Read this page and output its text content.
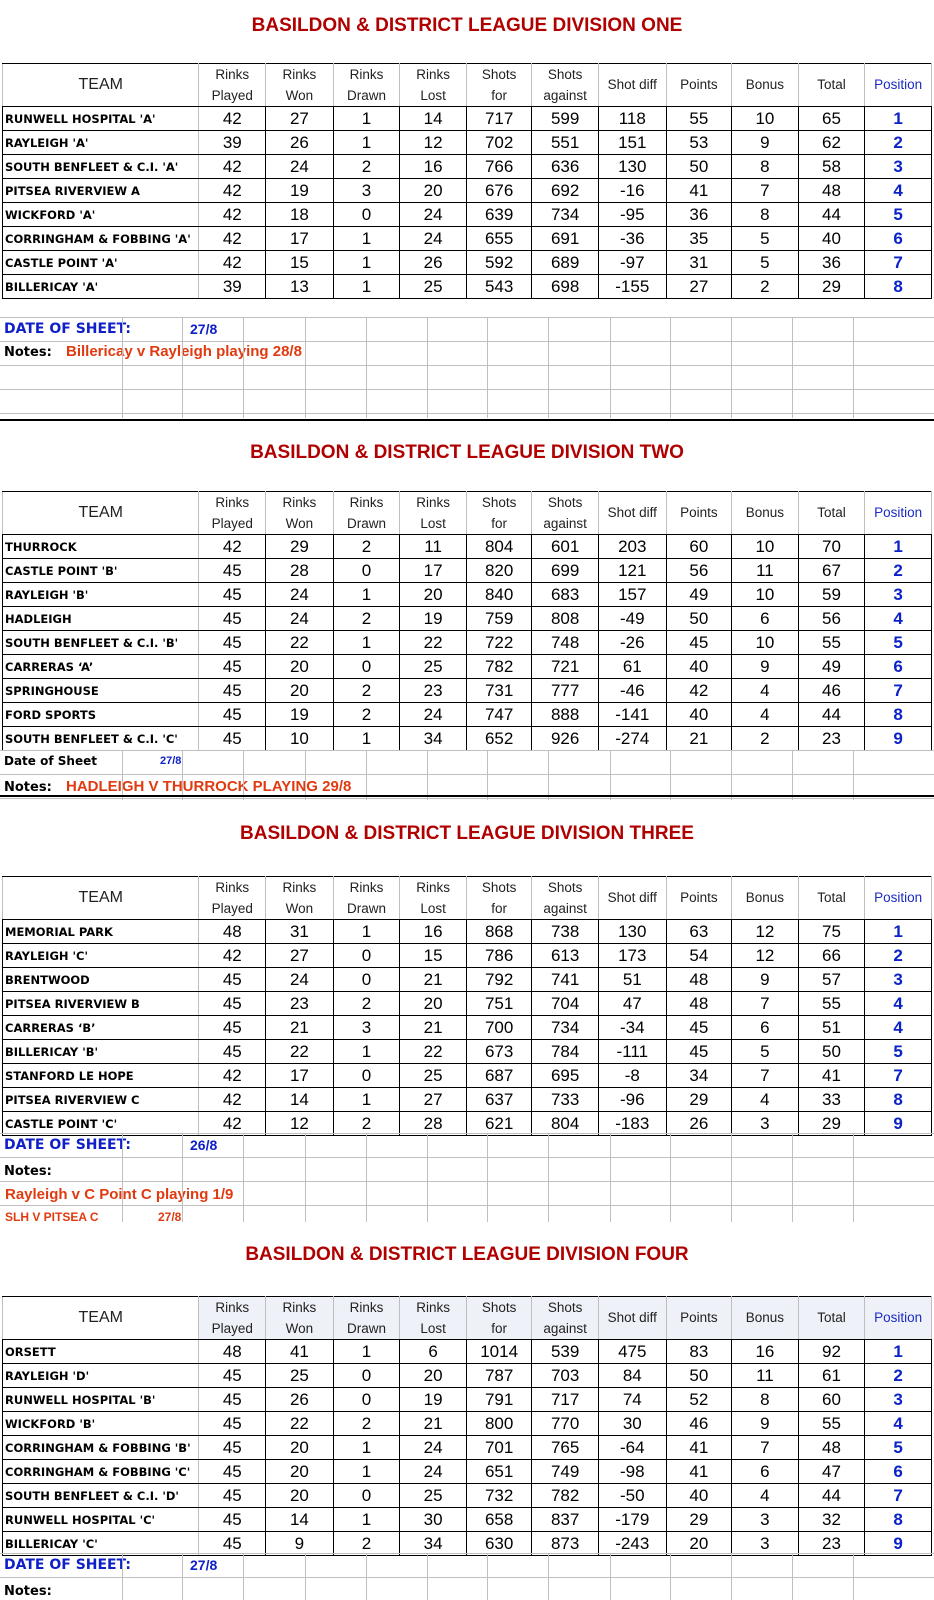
BASILDON & DISTRICT LEAGUE DIVISION ONE
TEAM	Rinks	Rinks	Rinks	Rinks	Shots	Shots	Shot diff	Points	Bonus	Total	Position
	Played	Won	Drawn	Lost	for	against					
RUNWELL HOSPITAL 'A'	42	27	1	14	717	599	118	55	10	65	1
RAYLEIGH 'A'	39	26	1	12	702	551	151	53	9	62	2
SOUTH BENFLEET & C.I. 'A'	42	24	2	16	766	636	130	50	8	58	3
PITSEA RIVERVIEW A	42	19	3	20	676	692	-16	41	7	48	4
WICKFORD 'A'	42	18	0	24	639	734	-95	36	8	44	5
CORRINGHAM & FOBBING 'A'	42	17	1	24	655	691	-36	35	5	40	6
CASTLE POINT 'A'	42	15	1	26	592	689	-97	31	5	36	7
BILLERICAY 'A'	39	13	1	25	543	698	-155	27	2	29	8
DATE OF SHEET:	27/8
Notes: Billericay v Rayleigh playing 28/8
BASILDON & DISTRICT LEAGUE DIVISION TWO
TEAM	Rinks	Rinks	Rinks	Rinks	Shots	Shots	Shot diff	Points	Bonus	Total	Position
	Played	Won	Drawn	Lost	for	against					
THURROCK	42	29	2	11	804	601	203	60	10	70	1
CASTLE POINT 'B'	45	28	0	17	820	699	121	56	11	67	2
RAYLEIGH 'B'	45	24	1	20	840	683	157	49	10	59	3
HADLEIGH	45	24	2	19	759	808	-49	50	6	56	4
SOUTH BENFLEET & C.I. 'B'	45	22	1	22	722	748	-26	45	10	55	5
CARRERAS ‘A’	45	20	0	25	782	721	61	40	9	49	6
SPRINGHOUSE	45	20	2	23	731	777	-46	42	4	46	7
FORD SPORTS	45	19	2	24	747	888	-141	40	4	44	8
SOUTH BENFLEET & C.I. 'C'	45	10	1	34	652	926	-274	21	2	23	9
Date of Sheet	27/8
Notes: HADLEIGH V THURROCK PLAYING 29/8
BASILDON & DISTRICT LEAGUE DIVISION THREE
TEAM	Rinks	Rinks	Rinks	Rinks	Shots	Shots	Shot diff	Points	Bonus	Total	Position
	Played	Won	Drawn	Lost	for	against					
MEMORIAL PARK	48	31	1	16	868	738	130	63	12	75	1
RAYLEIGH 'C'	42	27	0	15	786	613	173	54	12	66	2
BRENTWOOD	45	24	0	21	792	741	51	48	9	57	3
PITSEA RIVERVIEW B	45	23	2	20	751	704	47	48	7	55	4
CARRERAS ‘B’	45	21	3	21	700	734	-34	45	6	51	4
BILLERICAY 'B'	45	22	1	22	673	784	-111	45	5	50	5
STANFORD LE HOPE	42	17	0	25	687	695	-8	34	7	41	7
PITSEA RIVERVIEW C	42	14	1	27	637	733	-96	29	4	33	8
CASTLE POINT 'C'	42	12	2	28	621	804	-183	26	3	29	9
DATE OF SHEET:	26/8
Notes:
Rayleigh v C Point C playing 1/9
SLH V PITSEA C	27/8
BASILDON & DISTRICT LEAGUE DIVISION FOUR
TEAM	Rinks	Rinks	Rinks	Rinks	Shots	Shots	Shot diff	Points	Bonus	Total	Position
	Played	Won	Drawn	Lost	for	against					
ORSETT	48	41	1	6	1014	539	475	83	16	92	1
RAYLEIGH 'D'	45	25	0	20	787	703	84	50	11	61	2
RUNWELL HOSPITAL 'B'	45	26	0	19	791	717	74	52	8	60	3
WICKFORD 'B'	45	22	2	21	800	770	30	46	9	55	4
CORRINGHAM & FOBBING 'B'	45	20	1	24	701	765	-64	41	7	48	5
CORRINGHAM & FOBBING 'C'	45	20	1	24	651	749	-98	41	6	47	6
SOUTH BENFLEET & C.I. 'D'	45	20	0	25	732	782	-50	40	4	44	7
RUNWELL HOSPITAL 'C'	45	14	1	30	658	837	-179	29	3	32	8
BILLERICAY 'C'	45	9	2	34	630	873	-243	20	3	23	9
DATE OF SHEET:	27/8
Notes:
